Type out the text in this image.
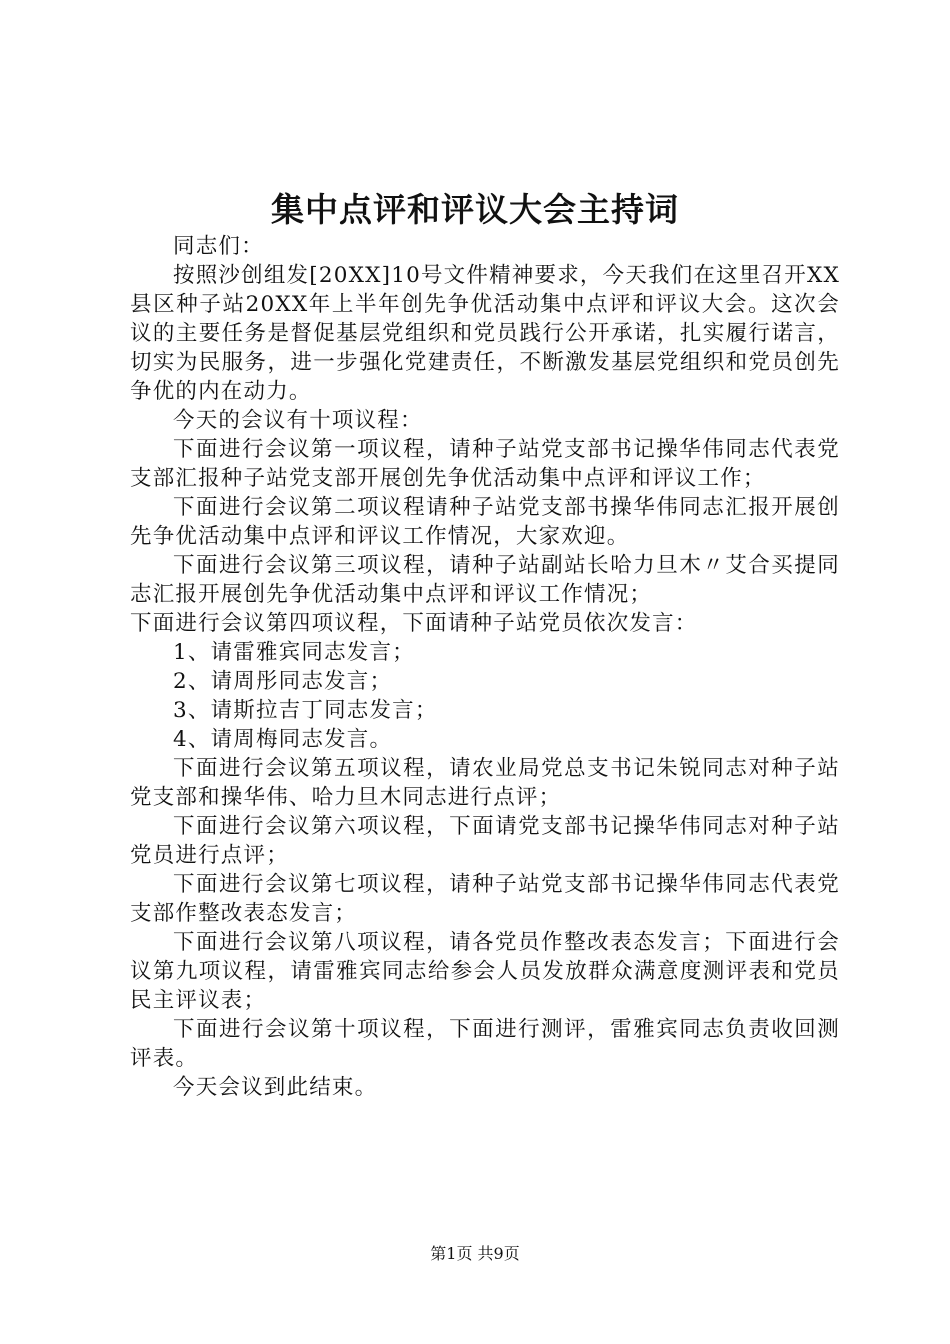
集中点评和评议大会主持词

同志们：

按照沙创组发[20XX]10号文件精神要求，今天我们在这里召开XX县区种子站20XX年上半年创先争优活动集中点评和评议大会。这次会议的主要任务是督促基层党组织和党员践行公开承诺，扎实履行诺言，切实为民服务，进一步强化党建责任，不断激发基层党组织和党员创先争优的内在动力。

今天的会议有十项议程：

下面进行会议第一项议程，请种子站党支部书记操华伟同志代表党支部汇报种子站党支部开展创先争优活动集中点评和评议工作；

下面进行会议第二项议程请种子站党支部书操华伟同志汇报开展创先争优活动集中点评和评议工作情况，大家欢迎。

下面进行会议第三项议程，请种子站副站长哈力旦木〃艾合买提同志汇报开展创先争优活动集中点评和评议工作情况；

下面进行会议第四项议程，下面请种子站党员依次发言：

1、请雷雅宾同志发言；

2、请周彤同志发言；

3、请斯拉吉丁同志发言；

4、请周梅同志发言。

下面进行会议第五项议程，请农业局党总支书记朱锐同志对种子站党支部和操华伟、哈力旦木同志进行点评；

下面进行会议第六项议程，下面请党支部书记操华伟同志对种子站党员进行点评；

下面进行会议第七项议程，请种子站党支部书记操华伟同志代表党支部作整改表态发言；

下面进行会议第八项议程，请各党员作整改表态发言；下面进行会议第九项议程，请雷雅宾同志给参会人员发放群众满意度测评表和党员民主评议表；

下面进行会议第十项议程，下面进行测评，雷雅宾同志负责收回测评表。

今天会议到此结束。

第1页 共9页
